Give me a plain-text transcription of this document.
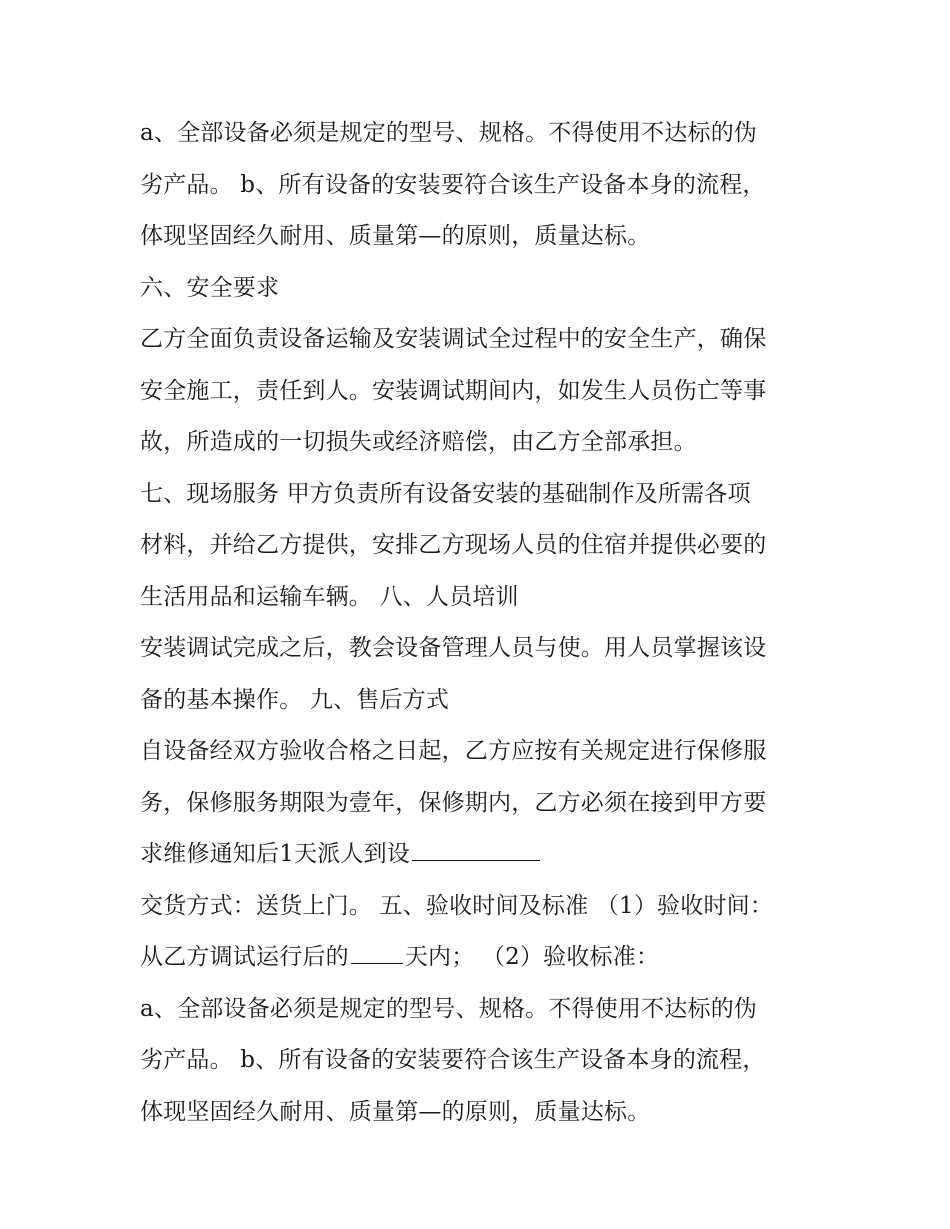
a、全部设备必须是规定的型号、规格。不得使用不达标的伪
劣产品。 b、所有设备的安装要符合该生产设备本身的流程，
体现坚固经久耐用、质量第—的原则，质量达标。
六、安全要求
乙方全面负责设备运输及安装调试全过程中的安全生产，确保
安全施工，责任到人。安装调试期间内，如发生人员伤亡等事
故，所造成的一切损失或经济赔偿，由乙方全部承担。
七、现场服务 甲方负责所有设备安装的基础制作及所需各项
材料，并给乙方提供，安排乙方现场人员的住宿并提供必要的
生活用品和运输车辆。 八、人员培训
安装调试完成之后，教会设备管理人员与使。用人员掌握该设
备的基本操作。 九、售后方式
自设备经双方验收合格之日起，乙方应按有关规定进行保修服
务，保修服务期限为壹年，保修期内，乙方必须在接到甲方要
求维修通知后1天派人到设
交货方式：送货上门。 五、验收时间及标准 （1）验收时间：
从乙方调试运行后的 天内； （2）验收标准：
a、全部设备必须是规定的型号、规格。不得使用不达标的伪
劣产品。 b、所有设备的安装要符合该生产设备本身的流程，
体现坚固经久耐用、质量第—的原则，质量达标。
